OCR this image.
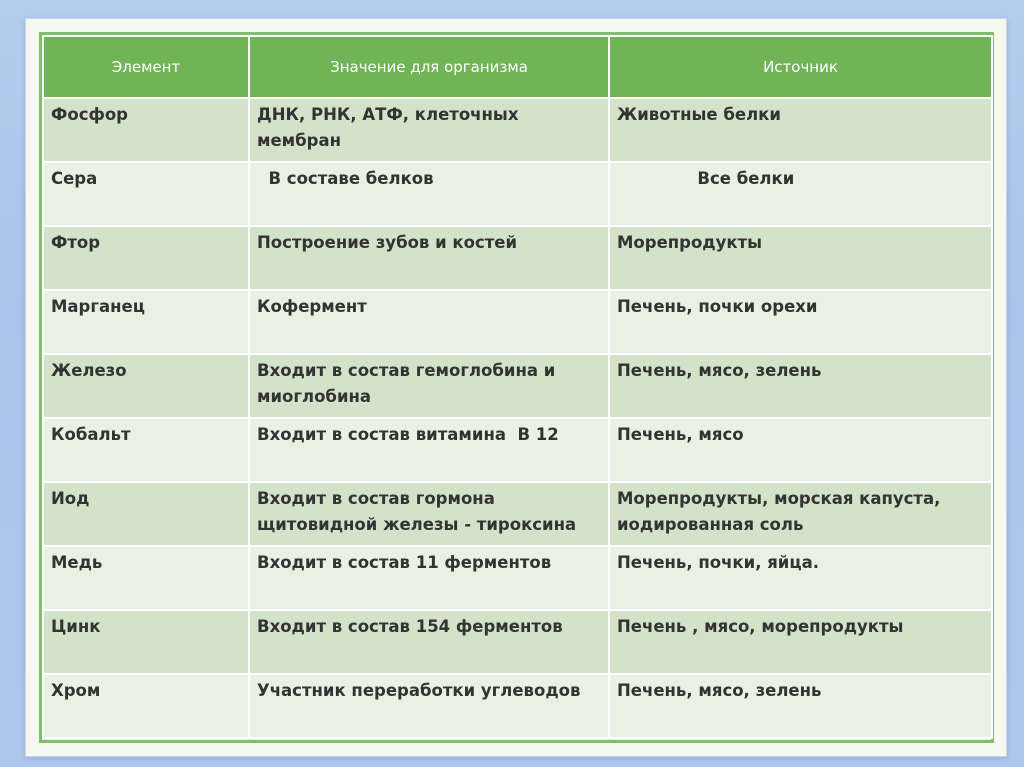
Элемент	Значение для организма	Источник
Фосфор	ДНК, РНК, АТФ, клеточных мембран	Животные белки
Сера	В составе белков	Все белки
Фтор	Построение зубов и костей	Морепродукты
Марганец	Кофермент	Печень, почки орехи
Железо	Входит в состав гемоглобина и миоглобина	Печень, мясо, зелень
Кобальт	Входит в состав витамина  В 12	Печень, мясо
Иод	Входит в состав гормона щитовидной железы - тироксина	Морепродукты, морская капуста, иодированная соль
Медь	Входит в состав 11 ферментов	Печень, почки, яйца.
Цинк	Входит в состав 154 ферментов	Печень , мясо, морепродукты
Хром	Участник переработки углеводов	Печень, мясо, зелень
